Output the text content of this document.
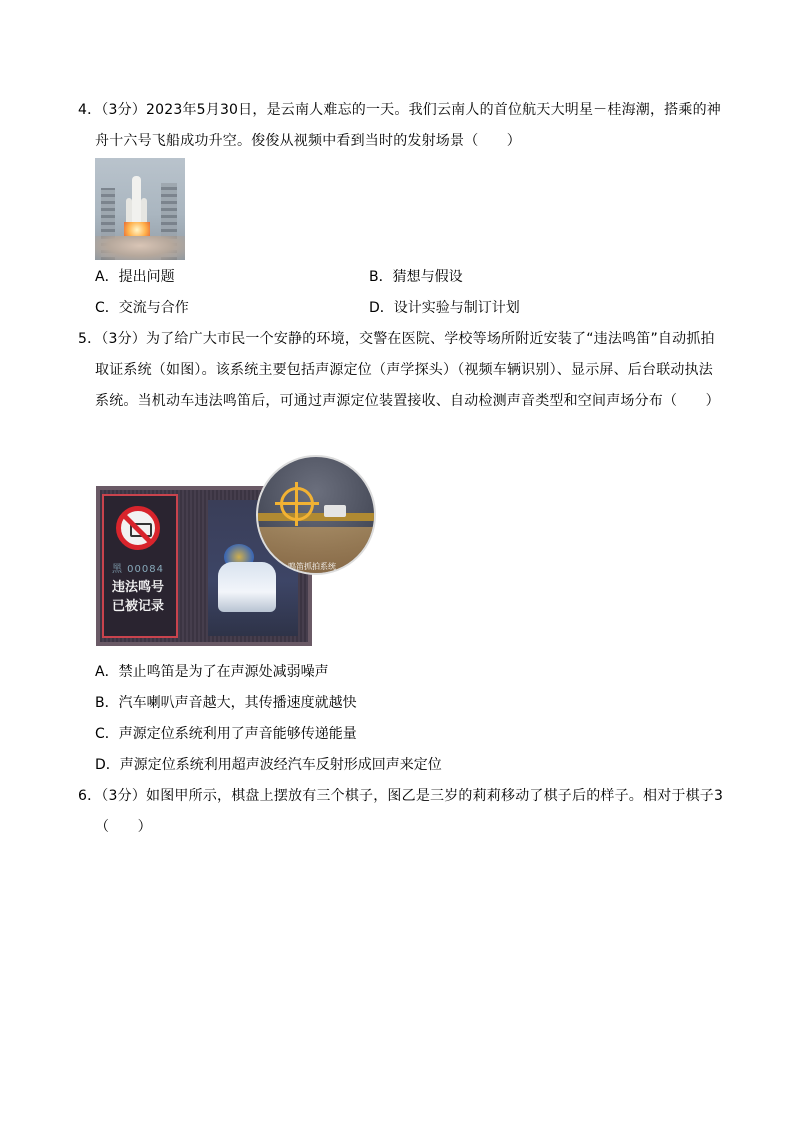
4．（3分）2023年5月30日，是云南人难忘的一天。我们云南人的首位航天大明星－桂海潮，搭乘的神
舟十六号飞船成功升空。俊俊从视频中看到当时的发射场景（　　）
A．提出问题	B．猜想与假设
C．交流与合作	D．设计实验与制订计划
5．（3分）为了给广大市民一个安静的环境，交警在医院、学校等场所附近安装了“违法鸣笛”自动抓拍
取证系统（如图）。该系统主要包括声源定位（声学探头）（视频车辆识别）、显示屏、后台联动执法
系统。当机动车违法鸣笛后，可通过声源定位装置接收、自动检测声音类型和空间声场分布（　　）
黑 00084
违法鸣号已被记录
鸣笛抓拍系统
A．禁止鸣笛是为了在声源处减弱噪声
B．汽车喇叭声音越大，其传播速度就越快
C．声源定位系统利用了声音能够传递能量
D．声源定位系统利用超声波经汽车反射形成回声来定位
6．（3分）如图甲所示，棋盘上摆放有三个棋子，图乙是三岁的莉莉移动了棋子后的样子。相对于棋子3
（　　）
